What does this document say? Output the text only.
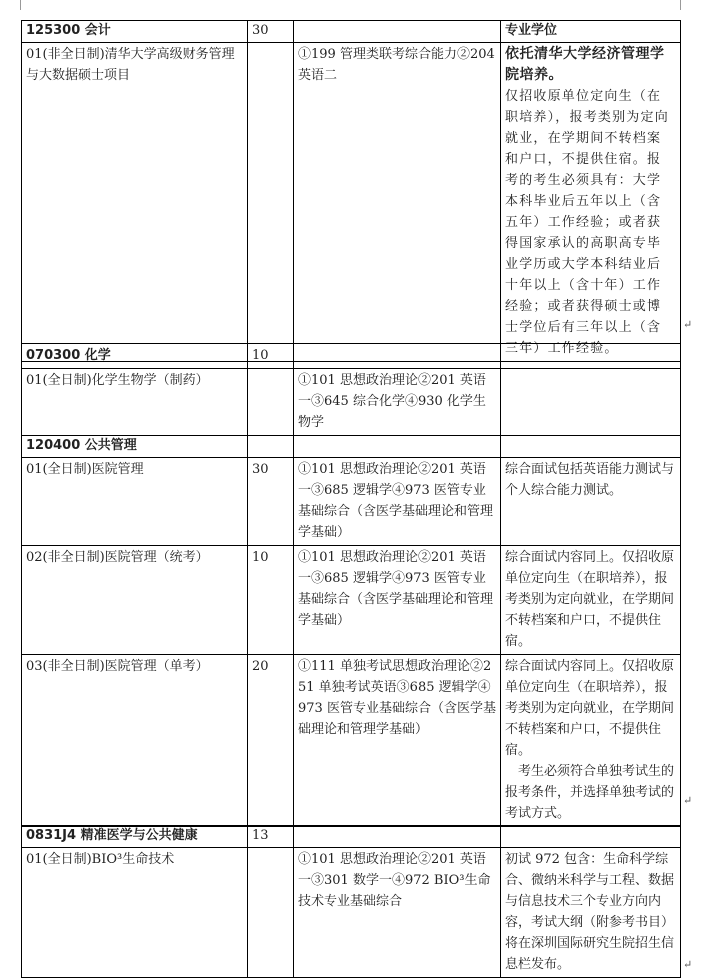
125300 会计	30		专业学位
01(非全日制)清华大学高级财务管理与大数据硕士项目		①199 管理类联考综合能力②204 英语二	依托清华大学经济管理学院培养。
仅招收原单位定向生（在职培养），报考类别为定向就业，在学期间不转档案和户口，不提供住宿。报考的考生必须具有：大学本科毕业后五年以上（含五年）工作经验；或者获得国家承认的高职高专毕业学历或大学本科结业后十年以上（含十年）工作经验；或者获得硕士或博士学位后有三年以上（含三年）工作经验。
↵
070300 化学	10		
01(全日制)化学生物学（制药）		①101 思想政治理论②201 英语一③645 综合化学④930 化学生物学	
120400 公共管理			
01(全日制)医院管理	30	①101 思想政治理论②201 英语一③685 逻辑学④973 医管专业基础综合（含医学基础理论和管理学基础）	综合面试包括英语能力测试与个人综合能力测试。
02(非全日制)医院管理（统考）	10	①101 思想政治理论②201 英语一③685 逻辑学④973 医管专业基础综合（含医学基础理论和管理学基础）	综合面试内容同上。仅招收原单位定向生（在职培养），报考类别为定向就业，在学期间不转档案和户口，不提供住宿。
03(非全日制)医院管理（单考）	20	①111 单独考试思想政治理论②251 单独考试英语③685 逻辑学④973 医管专业基础综合（含医学基础理论和管理学基础）	综合面试内容同上。仅招收原单位定向生（在职培养），报考类别为定向就业，在学期间不转档案和户口，不提供住宿。
考生必须符合单独考试生的报考条件，并选择单独考试的考试方式。
↵
0831J4 精准医学与公共健康	13		
01(全日制)BIO³生命技术		①101 思想政治理论②201 英语一③301 数学一④972 BIO³生命技术专业基础综合	初试 972 包含：生命科学综合、微纳米科学与工程、数据与信息技术三个专业方向内容，考试大纲（附参考书目）将在深圳国际研究生院招生信息栏发布。	↵
